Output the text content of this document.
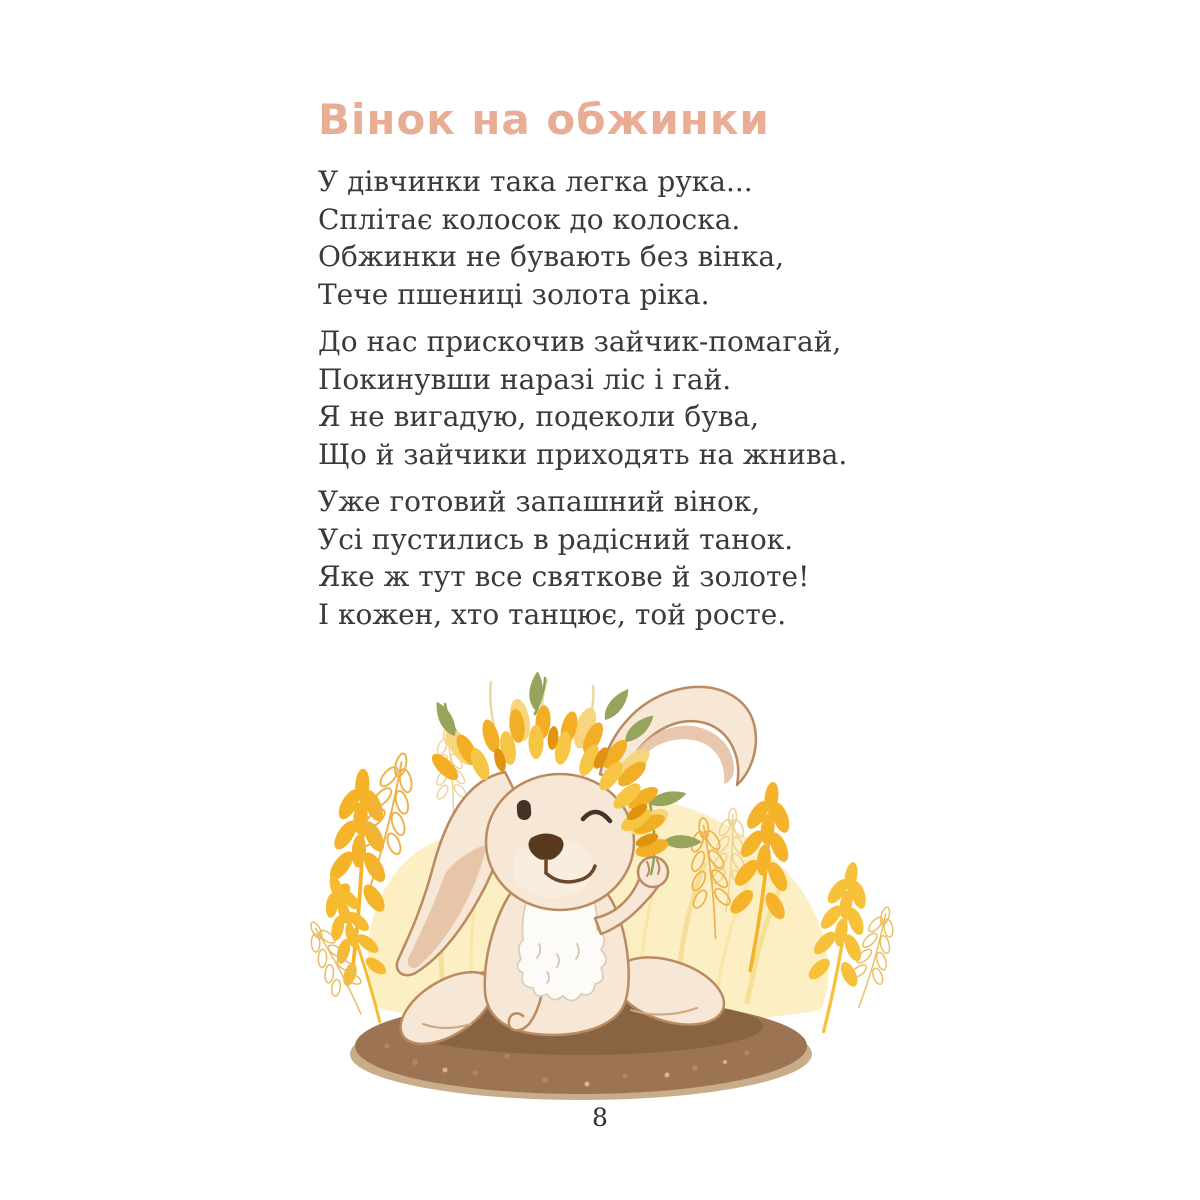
Вінок на обжинки

У дівчинки така легка рука...

Сплітає колосок до колоска.

Обжинки не бувають без вінка,

Тече пшениці золота ріка.

До нас прискочив зайчик-помагай,

Покинувши наразі ліс і гай.

Я не вигадую, подеколи бува,

Що й зайчики приходять на жнива.

Уже готовий запашний вінок,

Усі пустились в радісний танок.

Яке ж тут все святкове й золоте!

І кожен, хто танцює, той росте.

8
